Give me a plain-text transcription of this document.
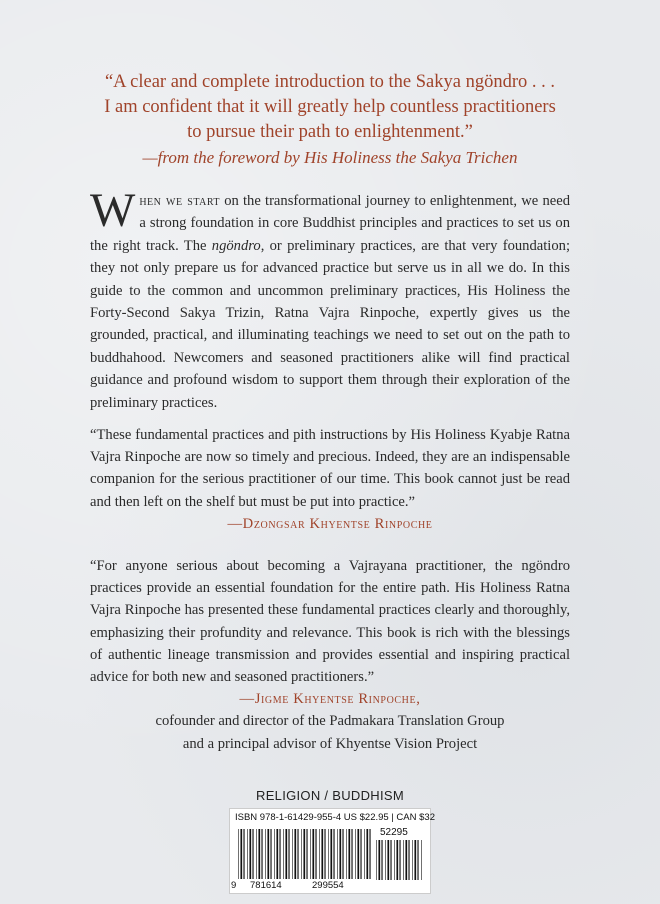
“A clear and complete introduction to the Sakya ngöndro . . .
I am confident that it will greatly help countless practitioners
to pursue their path to enlightenment.”
—from the foreword by His Holiness the Sakya Trichen
When we start on the transformational journey to enlightenment, we need a strong foundation in core Buddhist principles and practices to set us on the right track. The ngöndro, or preliminary practices, are that very foundation; they not only prepare us for advanced practice but serve us in all we do. In this guide to the common and uncommon preliminary practices, His Holiness the Forty-Second Sakya Trizin, Ratna Vajra Rinpoche, expertly gives us the grounded, practical, and illuminating teachings we need to set out on the path to buddhahood. Newcomers and seasoned practitioners alike will find practical guidance and profound wisdom to support them through their exploration of the preliminary practices.
“These fundamental practices and pith instructions by His Holiness Kyabje Ratna Vajra Rinpoche are now so timely and precious. Indeed, they are an indispensable companion for the serious practitioner of our time. This book cannot just be read and then left on the shelf but must be put into practice.”
—Dzongsar Khyentse Rinpoche
“For anyone serious about becoming a Vajrayana practitioner, the ngöndro practices provide an essential foundation for the entire path. His Holiness Ratna Vajra Rinpoche has presented these fundamental practices clearly and thoroughly, emphasizing their profundity and relevance. This book is rich with the blessings of authentic lineage transmission and provides essential and inspiring practical advice for both new and seasoned practitioners.”
—Jigme Khyentse Rinpoche,
cofounder and director of the Padmakara Translation Group
and a principal advisor of Khyentse Vision Project
RELIGION / BUDDHISM
ISBN 978-1-61429-955-4 US $22.95 | CAN $32
52295
9 781614	299554
